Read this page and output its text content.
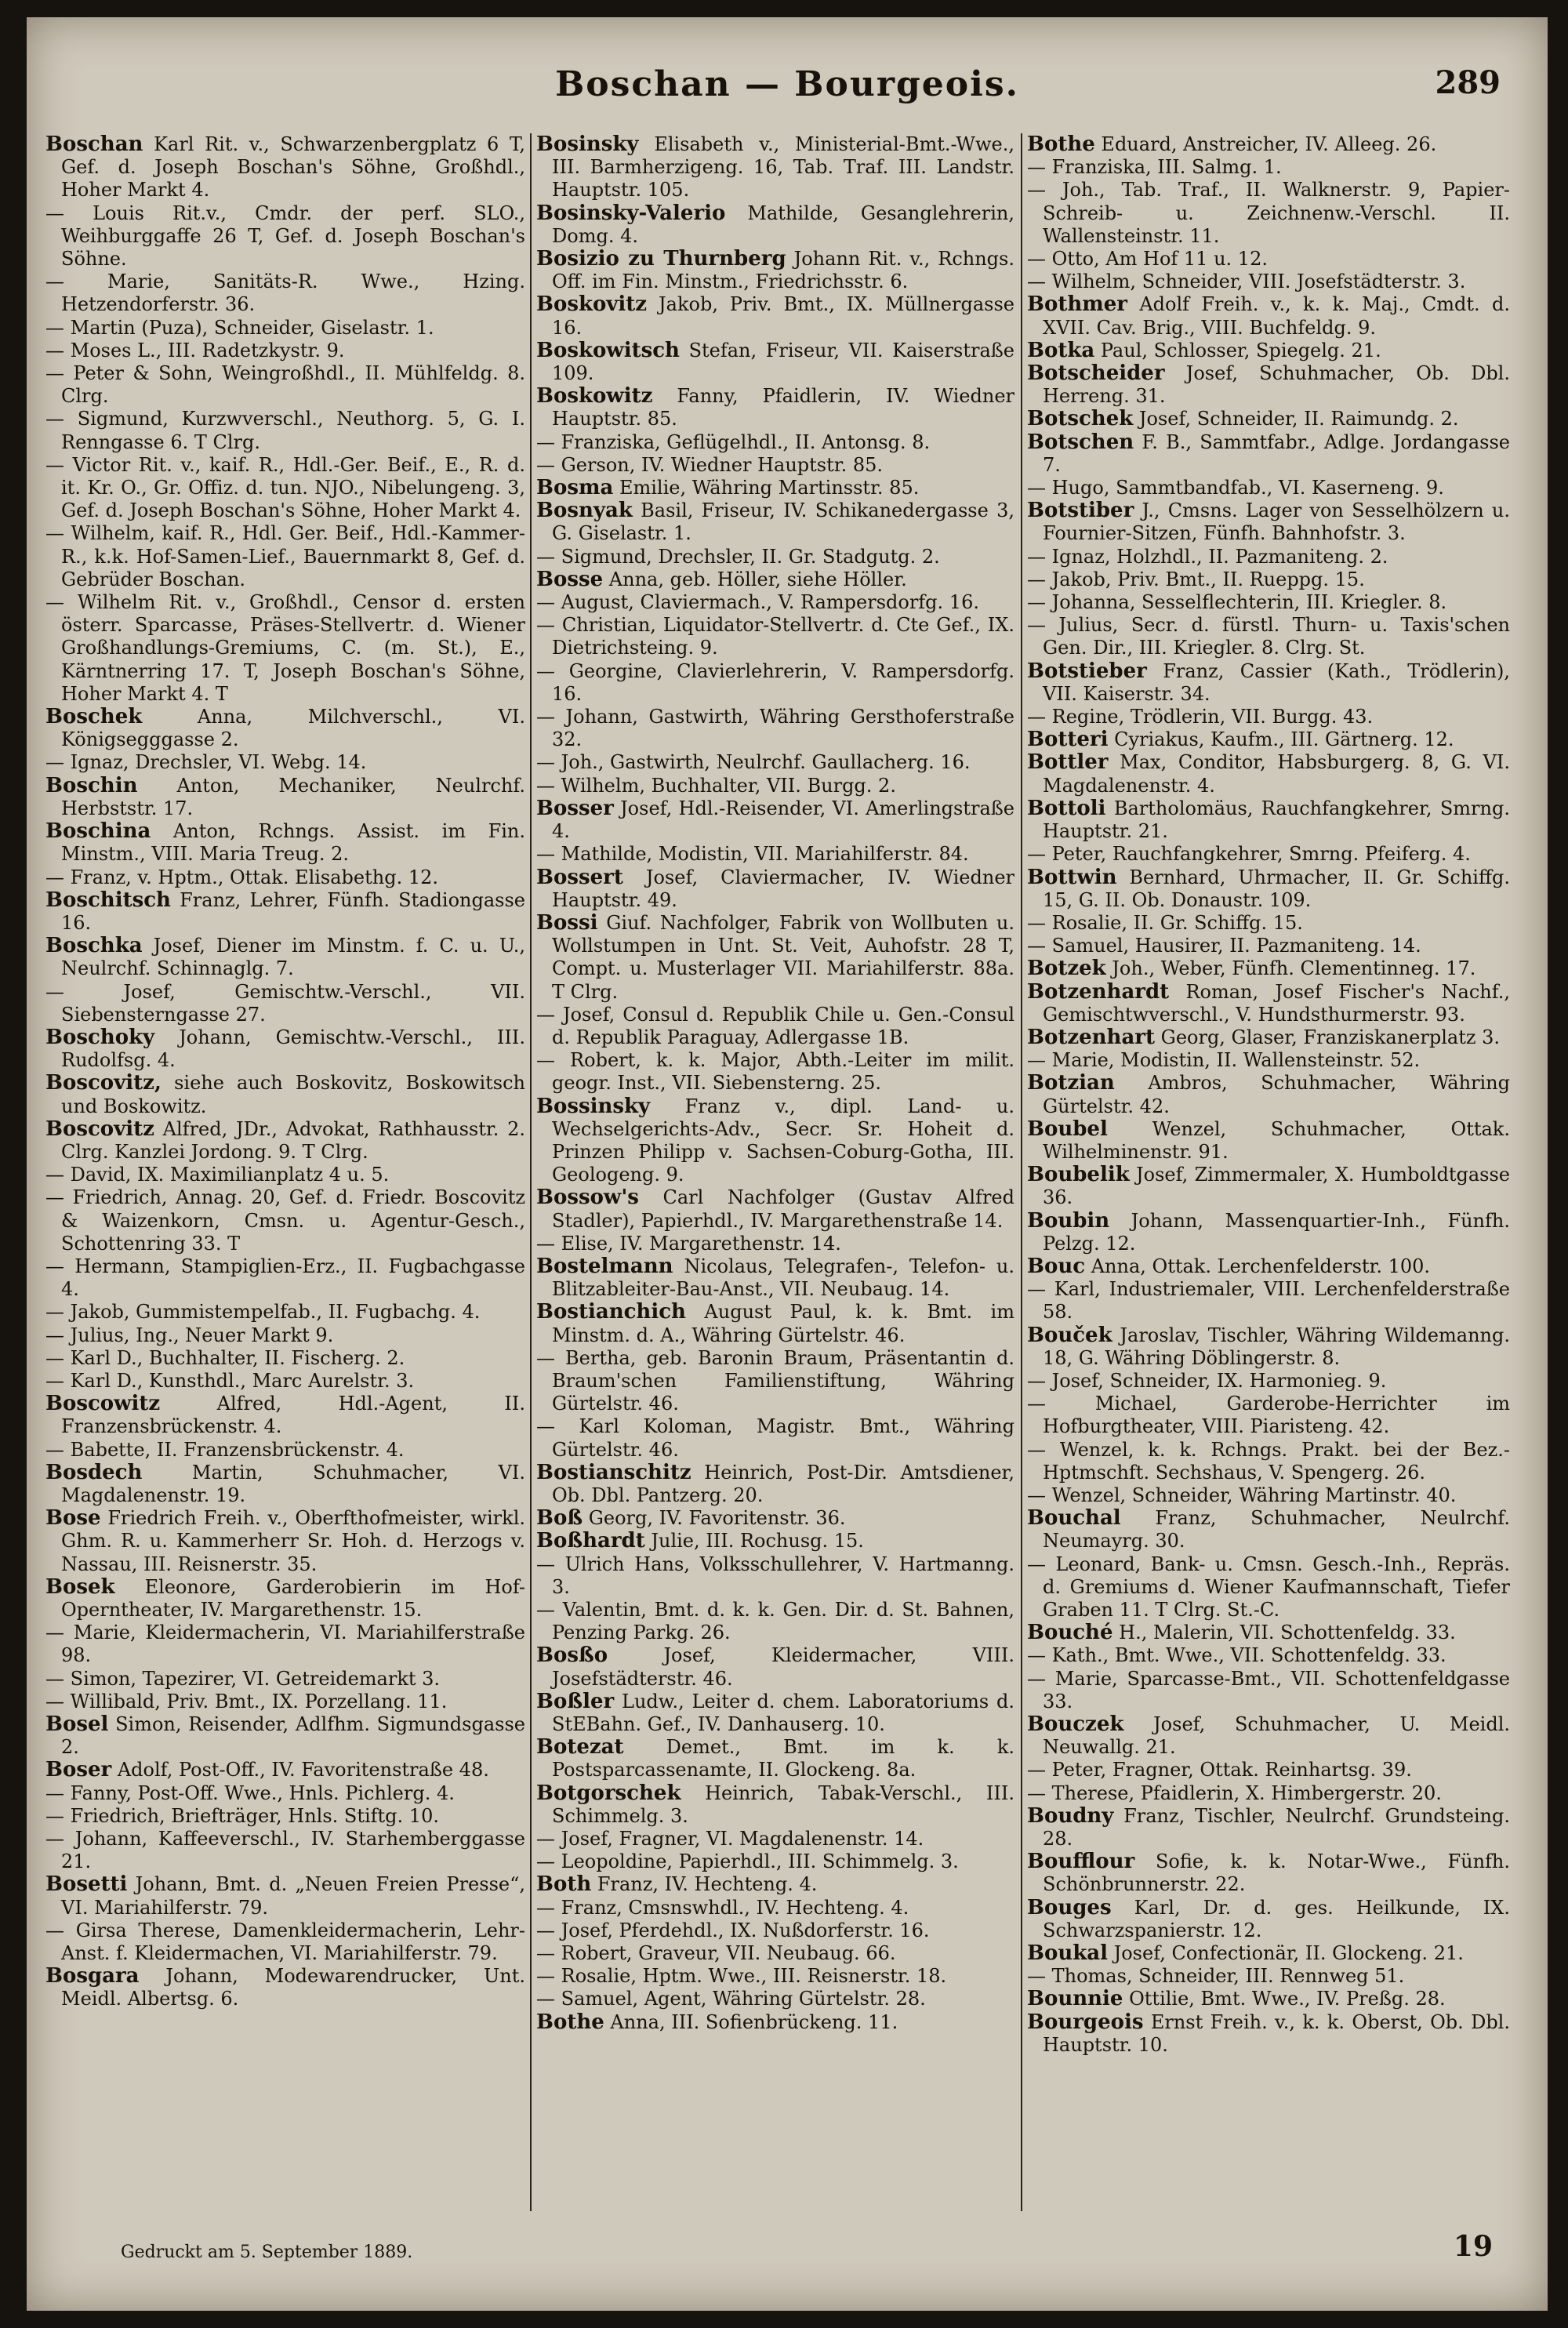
Boschan — Bourgeois.	289
Boschan Karl Rit. v., Schwarzenbergplatz 6 T, Gef. d. Joseph Boschan's Söhne, Großhdl., Hoher Markt 4.
— Louis Rit.v., Cmdr. der perf. SLO., Weihburggaffe 26 T, Gef. d. Joseph Boschan's Söhne.
— Marie, Sanitäts-R. Wwe., Hzing. Hetzendorferstr. 36.
— Martin (Puza), Schneider, Giselastr. 1.
— Moses L., III. Radetzkystr. 9.
— Peter & Sohn, Weingroßhdl., II. Mühlfeldg. 8. Clrg.
— Sigmund, Kurzwverschl., Neuthorg. 5, G. I. Renngasse 6. T Clrg.
— Victor Rit. v., kaif. R., Hdl.-Ger. Beif., E., R. d. it. Kr. O., Gr. Offiz. d. tun. NJO., Nibelungeng. 3, Gef. d. Joseph Boschan's Söhne, Hoher Markt 4.
— Wilhelm, kaif. R., Hdl. Ger. Beif., Hdl.-Kammer-R., k.k. Hof-Samen-Lief., Bauernmarkt 8, Gef. d. Gebrüder Boschan.
— Wilhelm Rit. v., Großhdl., Censor d. ersten österr. Sparcasse, Präses-Stellvertr. d. Wiener Großhandlungs-Gremiums, C. (m. St.), E., Kärntnerring 17. T, Joseph Boschan's Söhne, Hoher Markt 4. T
Boschek	Anna, Milchverschl., VI. Königsegggasse 2.
— Ignaz, Drechsler, VI. Webg. 14.
Boschin Anton, Mechaniker, Neulrchf. Herbststr. 17.
Boschina Anton, Rchngs. Assist. im Fin. Minstm., VIII. Maria Treug. 2.
— Franz, v. Hptm., Ottak. Elisabethg. 12.
Boschitsch Franz, Lehrer, Fünfh. Stadiongasse 16.
Boschka Josef, Diener im Minstm. f. C. u. U., Neulrchf. Schinnaglg. 7.
— Josef, Gemischtw.-Verschl., VII. Siebensterngasse 27.
Boschoky Johann, Gemischtw.-Verschl., III. Rudolfsg. 4.
Boscovitz, siehe auch Boskovitz, Boskowitsch und Boskowitz.
Boscovitz Alfred, JDr., Advokat, Rathhausstr. 2. Clrg. Kanzlei Jordong. 9. T Clrg.
— David, IX. Maximilianplatz 4 u. 5.
— Friedrich, Annag. 20, Gef. d. Friedr. Boscovitz & Waizenkorn, Cmsn. u. Agentur-Gesch., Schottenring 33. T
— Hermann, Stampiglien-Erz., II. Fugbachgasse 4.
— Jakob, Gummistempelfab., II. Fugbachg. 4.
— Julius, Ing., Neuer Markt 9.
— Karl D., Buchhalter, II. Fischerg. 2.
— Karl D., Kunsthdl., Marc Aurelstr. 3.
Boscowitz	Alfred, Hdl.-Agent, II. Franzensbrückenstr. 4.
— Babette, II. Franzensbrückenstr. 4.
Bosdech	Martin, Schuhmacher, VI. Magdalenenstr. 19.
Bose Friedrich Freih. v., Oberfthofmeister, wirkl. Ghm. R. u. Kammerherr Sr. Hoh. d. Herzogs v. Nassau, III. Reisnerstr. 35.
Bosek Eleonore, Garderobierin im Hof-Operntheater, IV. Margarethenstr. 15.
— Marie, Kleidermacherin, VI. Mariahilferstraße 98.
— Simon, Tapezirer, VI. Getreidemarkt 3.
— Willibald, Priv. Bmt., IX. Porzellang. 11.
Bosel Simon, Reisender, Adlfhm. Sigmundsgasse 2.
Boser Adolf, Post-Off., IV. Favoritenstraße 48.
— Fanny, Post-Off. Wwe., Hnls. Pichlerg. 4.
— Friedrich, Briefträger, Hnls. Stiftg. 10.
— Johann, Kaffeeverschl., IV. Starhemberggasse 21.
Bosetti Johann, Bmt. d. „Neuen Freien Presse“, VI. Mariahilferstr. 79.
— Girsa Therese, Damenkleidermacherin, Lehr-Anst. f. Kleidermachen, VI. Mariahilferstr. 79.
Bosgara Johann, Modewarendrucker, Unt. Meidl. Albertsg. 6.
Bosinsky Elisabeth v., Ministerial-Bmt.-Wwe., III. Barmherzigeng. 16, Tab. Traf. III. Landstr. Hauptstr. 105.
Bosinsky-Valerio Mathilde, Gesanglehrerin, Domg. 4.
Bosizio zu Thurnberg Johann Rit. v., Rchngs. Off. im Fin. Minstm., Friedrichsstr. 6.
Boskovitz Jakob, Priv. Bmt., IX. Müllnergasse 16.
Boskowitsch Stefan, Friseur, VII. Kaiserstraße 109.
Boskowitz Fanny, Pfaidlerin, IV. Wiedner Hauptstr. 85.
— Franziska, Geflügelhdl., II. Antonsg. 8.
— Gerson, IV. Wiedner Hauptstr. 85.
Bosma Emilie, Währing Martinsstr. 85.
Bosnyak Basil, Friseur, IV. Schikanedergasse 3, G. Giselastr. 1.
— Sigmund, Drechsler, II. Gr. Stadgutg. 2.
Bosse Anna, geb. Höller, siehe Höller.
— August, Claviermach., V. Rampersdorfg. 16.
— Christian, Liquidator-Stellvertr. d. Cte Gef., IX. Dietrichsteing. 9.
— Georgine, Clavierlehrerin, V. Rampersdorfg. 16.
— Johann, Gastwirth, Währing Gersthoferstraße 32.
— Joh., Gastwirth, Neulrchf. Gaullacherg. 16.
— Wilhelm, Buchhalter, VII. Burgg. 2.
Bosser Josef, Hdl.-Reisender, VI. Amerlingstraße 4.
— Mathilde, Modistin, VII. Mariahilferstr. 84.
Bossert Josef, Claviermacher, IV. Wiedner Hauptstr. 49.
Bossi Giuf. Nachfolger, Fabrik von Wollbuten u. Wollstumpen in Unt. St. Veit, Auhofstr. 28 T, Compt. u. Musterlager VII. Mariahilferstr. 88a. T Clrg.
— Josef, Consul d. Republik Chile u. Gen.-Consul d. Republik Paraguay, Adlergasse 1B.
— Robert, k. k. Major, Abth.-Leiter im milit. geogr. Inst., VII. Siebensterng. 25.
Bossinsky Franz v., dipl. Land- u. Wechselgerichts-Adv., Secr. Sr. Hoheit d. Prinzen Philipp v. Sachsen-Coburg-Gotha, III. Geologeng. 9.
Bossow's Carl Nachfolger (Gustav Alfred Stadler), Papierhdl., IV. Margarethenstraße 14.
— Elise, IV. Margarethenstr. 14.
Bostelmann Nicolaus, Telegrafen-, Telefon- u. Blitzableiter-Bau-Anst., VII. Neubaug. 14.
Bostianchich August Paul, k. k. Bmt. im Minstm. d. A., Währing Gürtelstr. 46.
— Bertha, geb. Baronin Braum, Präsentantin d. Braum'schen Familienstiftung, Währing Gürtelstr. 46.
— Karl Koloman, Magistr. Bmt., Währing Gürtelstr. 46.
Bostianschitz Heinrich, Post-Dir. Amtsdiener, Ob. Dbl. Pantzerg. 20.
Boß Georg, IV. Favoritenstr. 36.
Boßhardt Julie, III. Rochusg. 15.
— Ulrich Hans, Volksschullehrer, V. Hartmanng. 3.
— Valentin, Bmt. d. k. k. Gen. Dir. d. St. Bahnen, Penzing Parkg. 26.
Bosßo	Josef, Kleidermacher, VIII. Josefstädterstr. 46.
Boßler Ludw., Leiter d. chem. Laboratoriums d. StEBahn. Gef., IV. Danhauserg. 10.
Botezat Demet., Bmt. im k. k. Postsparcassenamte, II. Glockeng. 8a.
Botgorschek Heinrich, Tabak-Verschl., III. Schimmelg. 3.
— Josef, Fragner, VI. Magdalenenstr. 14.
— Leopoldine, Papierhdl., III. Schimmelg. 3.
Both Franz, IV. Hechteng. 4.
— Franz, Cmsnswhdl., IV. Hechteng. 4.
— Josef, Pferdehdl., IX. Nußdorferstr. 16.
— Robert, Graveur, VII. Neubaug. 66.
— Rosalie, Hptm. Wwe., III. Reisnerstr. 18.
— Samuel, Agent, Währing Gürtelstr. 28.
Bothe Anna, III. Sofienbrückeng. 11.
Bothe Eduard, Anstreicher, IV. Alleeg. 26.
— Franziska, III. Salmg. 1.
— Joh., Tab. Traf., II. Walknerstr. 9, Papier-Schreib- u. Zeichnenw.-Verschl. II. Wallensteinstr. 11.
— Otto, Am Hof 11 u. 12.
— Wilhelm, Schneider, VIII. Josefstädterstr. 3.
Bothmer Adolf Freih. v., k. k. Maj., Cmdt. d. XVII. Cav. Brig., VIII. Buchfeldg. 9.
Botka Paul, Schlosser, Spiegelg. 21.
Botscheider Josef, Schuhmacher, Ob. Dbl. Herreng. 31.
Botschek Josef, Schneider, II. Raimundg. 2.
Botschen F. B., Sammtfabr., Adlge. Jordangasse 7.
— Hugo, Sammtbandfab., VI. Kaserneng. 9.
Botstiber J., Cmsns. Lager von Sesselhölzern u. Fournier-Sitzen, Fünfh. Bahnhofstr. 3.
— Ignaz, Holzhdl., II. Pazmaniteng. 2.
— Jakob, Priv. Bmt., II. Rueppg. 15.
— Johanna, Sesselflechterin, III. Kriegler. 8.
— Julius, Secr. d. fürstl. Thurn- u. Taxis'schen Gen. Dir., III. Kriegler. 8. Clrg. St.
Botstieber Franz, Cassier (Kath., Trödlerin), VII. Kaiserstr. 34.
— Regine, Trödlerin, VII. Burgg. 43.
Botteri Cyriakus, Kaufm., III. Gärtnerg. 12.
Bottler Max, Conditor, Habsburgerg. 8, G. VI. Magdalenenstr. 4.
Bottoli Bartholomäus, Rauchfangkehrer, Smrng. Hauptstr. 21.
— Peter, Rauchfangkehrer, Smrng. Pfeiferg. 4.
Bottwin Bernhard, Uhrmacher, II. Gr. Schiffg. 15, G. II. Ob. Donaustr. 109.
— Rosalie, II. Gr. Schiffg. 15.
— Samuel, Hausirer, II. Pazmaniteng. 14.
Botzek Joh., Weber, Fünfh. Clementinneg. 17.
Botzenhardt Roman, Josef Fischer's Nachf., Gemischtwverschl., V. Hundsthurmerstr. 93.
Botzenhart Georg, Glaser, Franziskanerplatz 3.
— Marie, Modistin, II. Wallensteinstr. 52.
Botzian Ambros, Schuhmacher, Währing Gürtelstr. 42.
Boubel Wenzel, Schuhmacher, Ottak. Wilhelminenstr. 91.
Boubelik Josef, Zimmermaler, X. Humboldtgasse 36.
Boubin Johann, Massenquartier-Inh., Fünfh. Pelzg. 12.
Bouc Anna, Ottak. Lerchenfelderstr. 100.
— Karl, Industriemaler, VIII. Lerchenfelderstraße 58.
Bouček Jaroslav, Tischler, Währing Wildemanng. 18, G. Währing Döblingerstr. 8.
— Josef, Schneider, IX. Harmonieg. 9.
— Michael, Garderobe-Herrichter im Hofburgtheater, VIII. Piaristeng. 42.
— Wenzel, k. k. Rchngs. Prakt. bei der Bez.-Hptmschft. Sechshaus, V. Spengerg. 26.
— Wenzel, Schneider, Währing Martinstr. 40.
Bouchal Franz, Schuhmacher, Neulrchf. Neumayrg. 30.
— Leonard, Bank- u. Cmsn. Gesch.-Inh., Repräs. d. Gremiums d. Wiener Kaufmannschaft, Tiefer Graben 11. T Clrg. St.-C.
Bouché H., Malerin, VII. Schottenfeldg. 33.
— Kath., Bmt. Wwe., VII. Schottenfeldg. 33.
— Marie, Sparcasse-Bmt., VII. Schottenfeldgasse 33.
Bouczek Josef, Schuhmacher, U. Meidl. Neuwallg. 21.
— Peter, Fragner, Ottak. Reinhartsg. 39.
— Therese, Pfaidlerin, X. Himbergerstr. 20.
Boudny Franz, Tischler, Neulrchf. Grundsteing. 28.
Boufflour Sofie, k. k. Notar-Wwe., Fünfh. Schönbrunnerstr. 22.
Bouges Karl, Dr. d. ges. Heilkunde, IX. Schwarzspanierstr. 12.
Boukal Josef, Confectionär, II. Glockeng. 21.
— Thomas, Schneider, III. Rennweg 51.
Bounnie Ottilie, Bmt. Wwe., IV. Preßg. 28.
Bourgeois Ernst Freih. v., k. k. Oberst, Ob. Dbl. Hauptstr. 10.
Gedruckt am 5. September 1889.	19
